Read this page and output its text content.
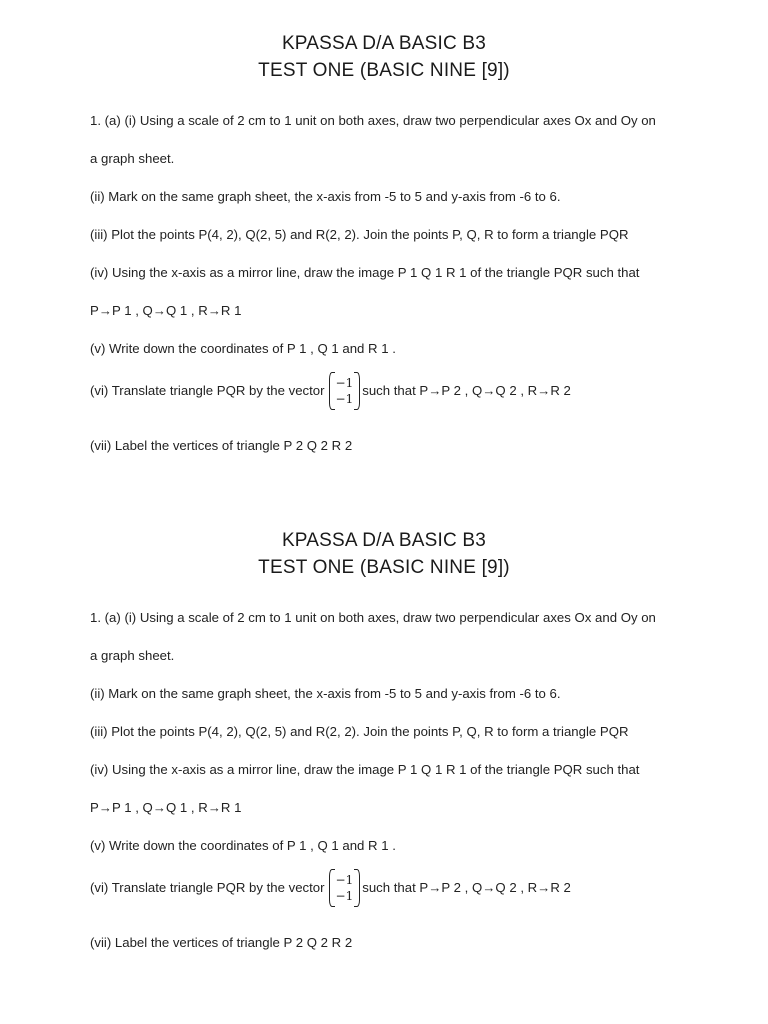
KPASSA D/A BASIC B3
TEST ONE (BASIC NINE [9])
1. (a) (i) Using a scale of 2 cm to 1 unit on both axes, draw two perpendicular axes Ox and Oy on
a graph sheet.
(ii) Mark on the same graph sheet, the x-axis from -5 to 5 and y-axis from -6 to 6.
(iii) Plot the points P(4, 2), Q(2, 5) and R(2, 2). Join the points P, Q, R to form a triangle PQR
(iv) Using the x-axis as a mirror line, draw the image P 1 Q 1 R 1 of the triangle PQR such that
P→P 1 , Q→Q 1 , R→R 1
(v) Write down the coordinates of P 1 , Q 1 and R 1 .
(vi) Translate triangle PQR by the vector −1
−1
such that P→P 2 , Q→Q 2 , R→R 2
(vii) Label the vertices of triangle P 2 Q 2 R 2
KPASSA D/A BASIC B3
TEST ONE (BASIC NINE [9])
1. (a) (i) Using a scale of 2 cm to 1 unit on both axes, draw two perpendicular axes Ox and Oy on
a graph sheet.
(ii) Mark on the same graph sheet, the x-axis from -5 to 5 and y-axis from -6 to 6.
(iii) Plot the points P(4, 2), Q(2, 5) and R(2, 2). Join the points P, Q, R to form a triangle PQR
(iv) Using the x-axis as a mirror line, draw the image P 1 Q 1 R 1 of the triangle PQR such that
P→P 1 , Q→Q 1 , R→R 1
(v) Write down the coordinates of P 1 , Q 1 and R 1 .
(vi) Translate triangle PQR by the vector −1
−1
such that P→P 2 , Q→Q 2 , R→R 2
(vii) Label the vertices of triangle P 2 Q 2 R 2
